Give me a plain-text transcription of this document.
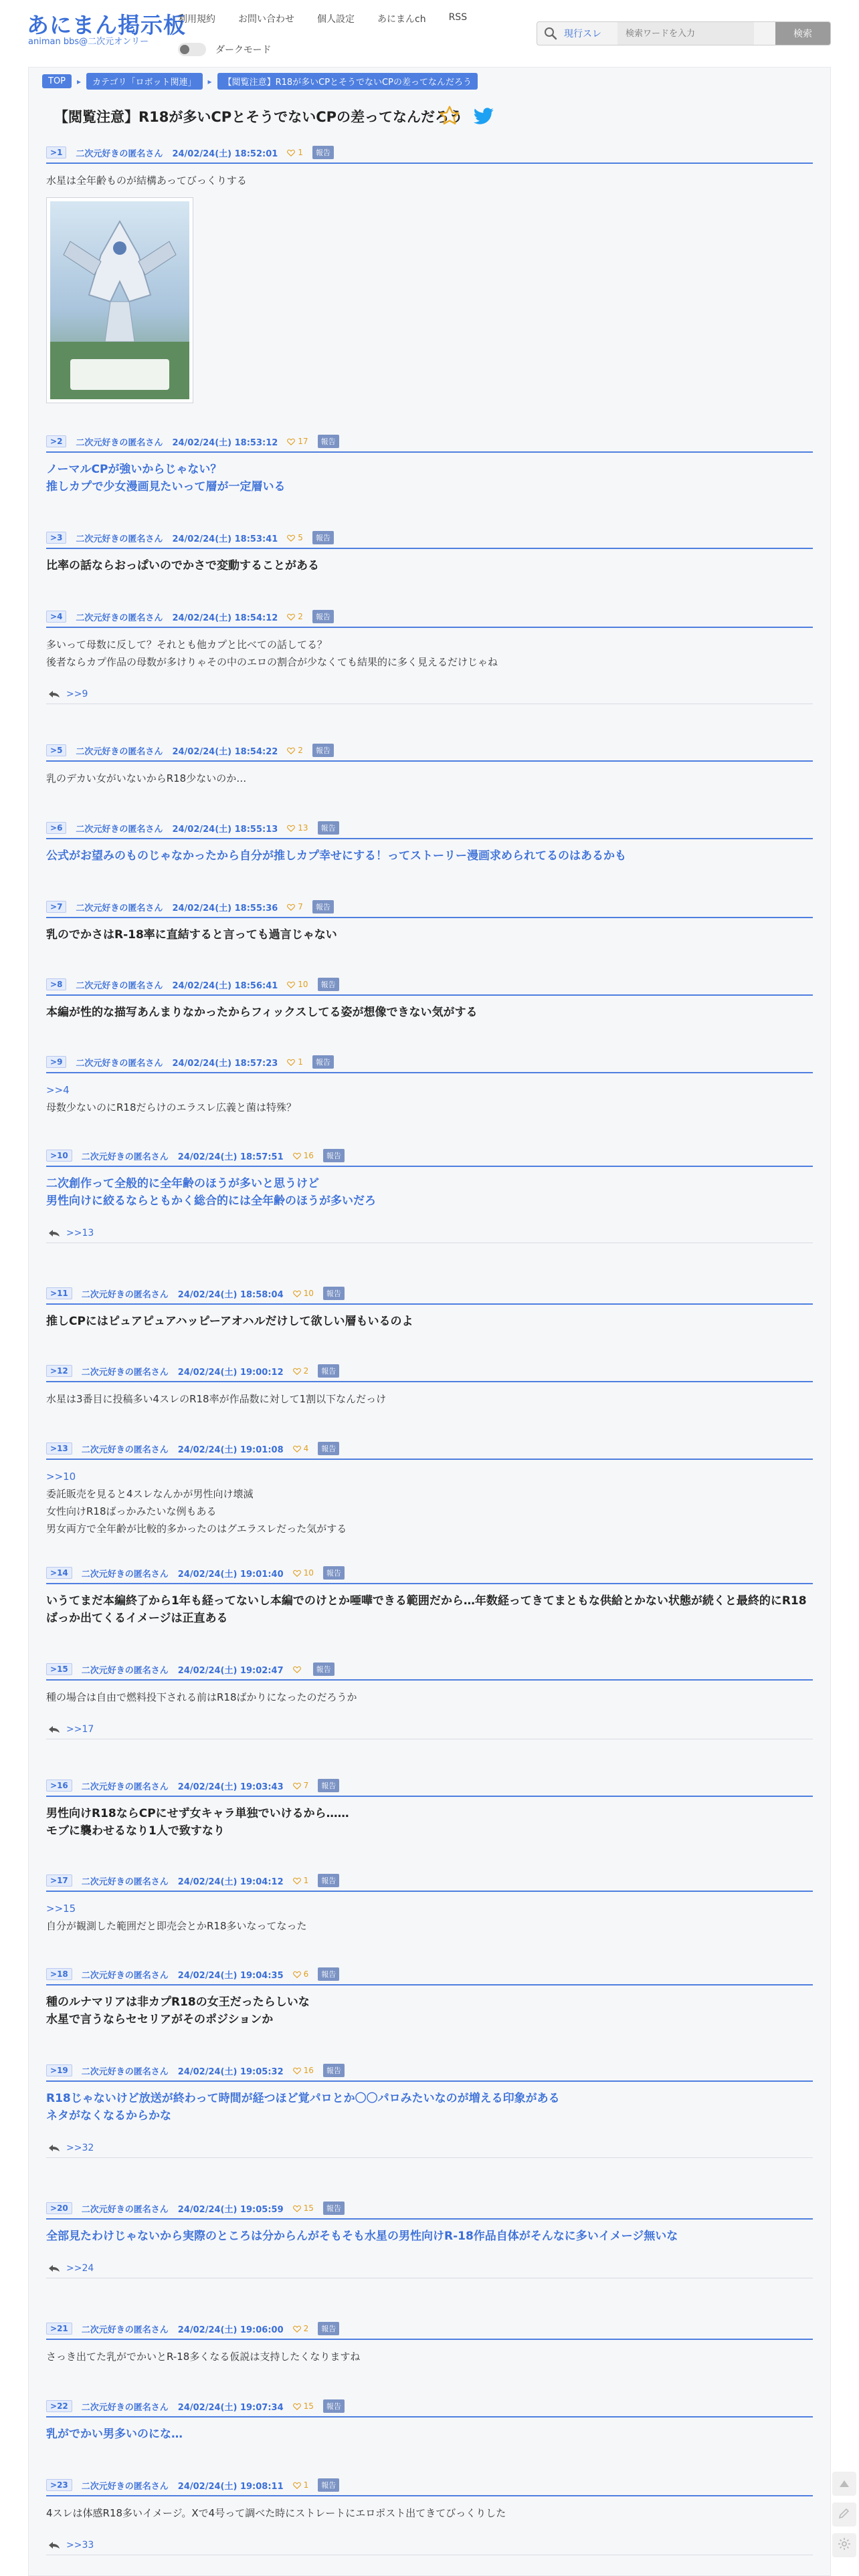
あにまん掲示板
animan bbs@二次元オンリー
利用規約 お問い合わせ 個人設定 あにまんch RSS
ダークモード
現行スレ
検索ワードを入力	検索
TOP	▸	カテゴリ「ロボット関連」	▸	【閲覧注意】R18が多いCPとそうでないCPの差ってなんだろう
【閲覧注意】R18が多いCPとそうでないCPの差ってなんだろう
>1	二次元好きの匿名さん 24/02/24(土) 18:52:01	1	報告
水星は全年齢ものが結構あってびっくりする
>2	二次元好きの匿名さん 24/02/24(土) 18:53:12	17	報告
ノーマルCPが強いからじゃない？
推しカプで少女漫画見たいって層が一定層いる
>3	二次元好きの匿名さん 24/02/24(土) 18:53:41	5	報告
比率の話ならおっぱいのでかさで変動することがある
>4	二次元好きの匿名さん 24/02/24(土) 18:54:12	2	報告
多いって母数に反して？それとも他カプと比べての話してる？
後者ならカプ作品の母数が多けりゃその中のエロの割合が少なくても結果的に多く見えるだけじゃね
>>9
>5	二次元好きの匿名さん 24/02/24(土) 18:54:22	2	報告
乳のデカい女がいないからR18少ないのか…
>6	二次元好きの匿名さん 24/02/24(土) 18:55:13	13	報告
公式がお望みのものじゃなかったから自分が推しカプ幸せにする！ってストーリー漫画求められてるのはあるかも
>7	二次元好きの匿名さん 24/02/24(土) 18:55:36	7	報告
乳のでかさはR-18率に直結すると言っても過言じゃない
>8	二次元好きの匿名さん 24/02/24(土) 18:56:41	10	報告
本編が性的な描写あんまりなかったからフィックスしてる姿が想像できない気がする
>9	二次元好きの匿名さん 24/02/24(土) 18:57:23	1	報告
>>4
母数少ないのにR18だらけのエラスレ広義と菌は特殊？
>10	二次元好きの匿名さん 24/02/24(土) 18:57:51	16	報告
二次創作って全般的に全年齢のほうが多いと思うけど
男性向けに絞るならともかく総合的には全年齢のほうが多いだろ
>>13
>11	二次元好きの匿名さん 24/02/24(土) 18:58:04	10	報告
推しCPにはピュアピュアハッピーアオハルだけして欲しい層もいるのよ
>12	二次元好きの匿名さん 24/02/24(土) 19:00:12	2	報告
水星は3番目に投稿多い4スレのR18率が作品数に対して1割以下なんだっけ
>13	二次元好きの匿名さん 24/02/24(土) 19:01:08	4	報告
>>10
委託販売を見ると4スレなんかが男性向け壊滅
女性向けR18ばっかみたいな例もある
男女両方で全年齢が比較的多かったのはグエラスレだった気がする
>14	二次元好きの匿名さん 24/02/24(土) 19:01:40	10	報告
いうてまだ本編終了から1年も経ってないし本編でのけとか唖嘩できる範囲だから…年数経ってきてまともな供給とかない状態が続くと最終的にR18ばっか出てくるイメージは正直ある
>15	二次元好きの匿名さん 24/02/24(土) 19:02:47	報告
種の場合は自由で燃料投下される前はR18ばかりになったのだろうか
>>17
>16	二次元好きの匿名さん 24/02/24(土) 19:03:43	7	報告
男性向けR18ならCPにせず女キャラ単独でいけるから……
モブに襲わせるなり1人で致すなり
>17	二次元好きの匿名さん 24/02/24(土) 19:04:12	1	報告
>>15
自分が観測した範囲だと即売会とかR18多いなってなった
>18	二次元好きの匿名さん 24/02/24(土) 19:04:35	6	報告
種のルナマリアは非カプR18の女王だったらしいな
水星で言うならセセリアがそのポジションか
>19	二次元好きの匿名さん 24/02/24(土) 19:05:32	16	報告
R18じゃないけど放送が終わって時間が経つほど覚パロとか〇〇パロみたいなのが増える印象がある
ネタがなくなるからかな
>>32
>20	二次元好きの匿名さん 24/02/24(土) 19:05:59	15	報告
全部見たわけじゃないから実際のところは分からんがそもそも水星の男性向けR-18作品自体がそんなに多いイメージ無いな
>>24
>21	二次元好きの匿名さん 24/02/24(土) 19:06:00	2	報告
さっき出てた乳がでかいとR-18多くなる仮説は支持したくなりますね
>22	二次元好きの匿名さん 24/02/24(土) 19:07:34	15	報告
乳がでかい男多いのにな…
>23	二次元好きの匿名さん 24/02/24(土) 19:08:11	1	報告
4スレは体感R18多いイメージ。Xで4号って調べた時にストレートにエロポスト出てきてびっくりした
>>33
